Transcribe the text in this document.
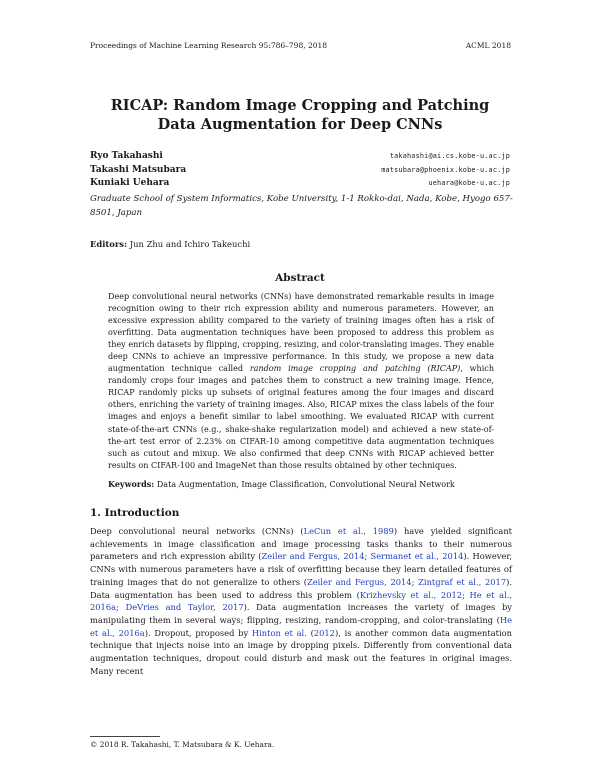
Proceedings of Machine Learning Research 95:786–798, 2018	ACML 2018
RICAP: Random Image Cropping and Patching
Data Augmentation for Deep CNNs
Ryo Takahashi	takahashi@ai.cs.kobe-u.ac.jp
Takashi Matsubara	matsubara@phoenix.kobe-u.ac.jp
Kuniaki Uehara	uehara@kobe-u.ac.jp
Graduate School of System Informatics, Kobe University, 1-1 Rokko-dai, Nada, Kobe, Hyogo 657-8501, Japan
Editors: Jun Zhu and Ichiro Takeuchi
Abstract
Deep convolutional neural networks (CNNs) have demonstrated remarkable results in image recognition owing to their rich expression ability and numerous parameters. However, an excessive expression ability compared to the variety of training images often has a risk of overfitting. Data augmentation techniques have been proposed to address this problem as they enrich datasets by flipping, cropping, resizing, and color-translating images. They enable deep CNNs to achieve an impressive performance. In this study, we propose a new data augmentation technique called random image cropping and patching (RICAP), which randomly crops four images and patches them to construct a new training image. Hence, RICAP randomly picks up subsets of original features among the four images and discard others, enriching the variety of training images. Also, RICAP mixes the class labels of the four images and enjoys a benefit similar to label smoothing. We evaluated RICAP with current state-of-the-art CNNs (e.g., shake-shake regularization model) and achieved a new state-of-the-art test error of 2.23% on CIFAR-10 among competitive data augmentation techniques such as cutout and mixup. We also confirmed that deep CNNs with RICAP achieved better results on CIFAR-100 and ImageNet than those results obtained by other techniques.
Keywords: Data Augmentation, Image Classification, Convolutional Neural Network
1. Introduction
Deep convolutional neural networks (CNNs) (LeCun et al., 1989) have yielded significant achievements in image classification and image processing tasks thanks to their numerous parameters and rich expression ability (Zeiler and Fergus, 2014; Sermanet et al., 2014). However, CNNs with numerous parameters have a risk of overfitting because they learn detailed features of training images that do not generalize to others (Zeiler and Fergus, 2014; Zintgraf et al., 2017). Data augmentation has been used to address this problem (Krizhevsky et al., 2012; He et al., 2016a; DeVries and Taylor, 2017). Data augmentation increases the variety of images by manipulating them in several ways; flipping, resizing, random-cropping, and color-translating (He et al., 2016a). Dropout, proposed by Hinton et al. (2012), is another common data augmentation technique that injects noise into an image by dropping pixels. Differently from conventional data augmentation techniques, dropout could disturb and mask out the features in original images. Many recent
© 2018 R. Takahashi, T. Matsubara & K. Uehara.
